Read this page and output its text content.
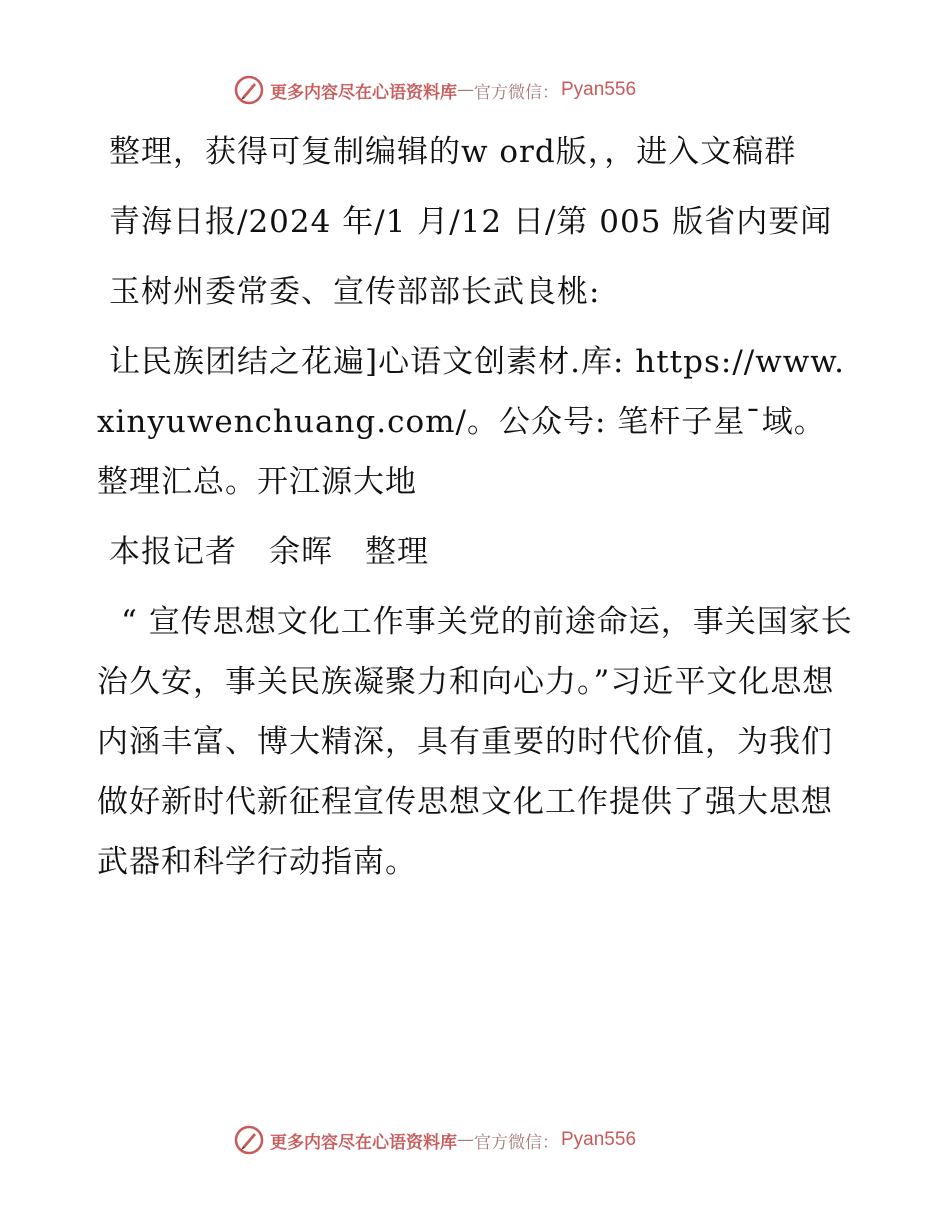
更多内容尽在心语资料库 — 官方微信： Pyan556

整理，获得可复制编辑的w ord版，，进入文稿群

青海日报/2024 年/1 月/12 日/第 005 版省内要闻

玉树州委常委、宣传部部长武良桃:

让民族团结之花遍]心语文创素材.库: https://www.xinyuwenchuang.com/。公众号: 笔杆子星¯域。整理汇总。开江源大地

本报记者　余晖　整理

“ 宣传思想文化工作事关党的前途命运，事关国家长治久安，事关民族凝聚力和向心力。”习近平文化思想内涵丰富、博大精深，具有重要的时代价值，为我们做好新时代新征程宣传思想文化工作提供了强大思想武器和科学行动指南。

更多内容尽在心语资料库 — 官方微信： Pyan556
